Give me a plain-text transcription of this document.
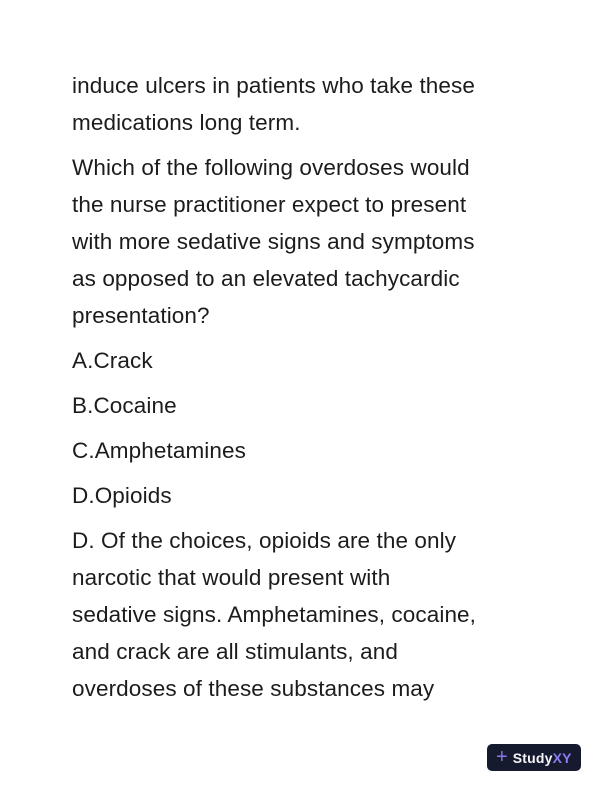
induce ulcers in patients who take these
medications long term.

Which of the following overdoses would
the nurse practitioner expect to present
with more sedative signs and symptoms
as opposed to an elevated tachycardic
presentation?

A.Crack

B.Cocaine

C.Amphetamines

D.Opioids

D. Of the choices, opioids are the only
narcotic that would present with
sedative signs. Amphetamines, cocaine,
and crack are all stimulants, and
overdoses of these substances may

+ StudyXY
